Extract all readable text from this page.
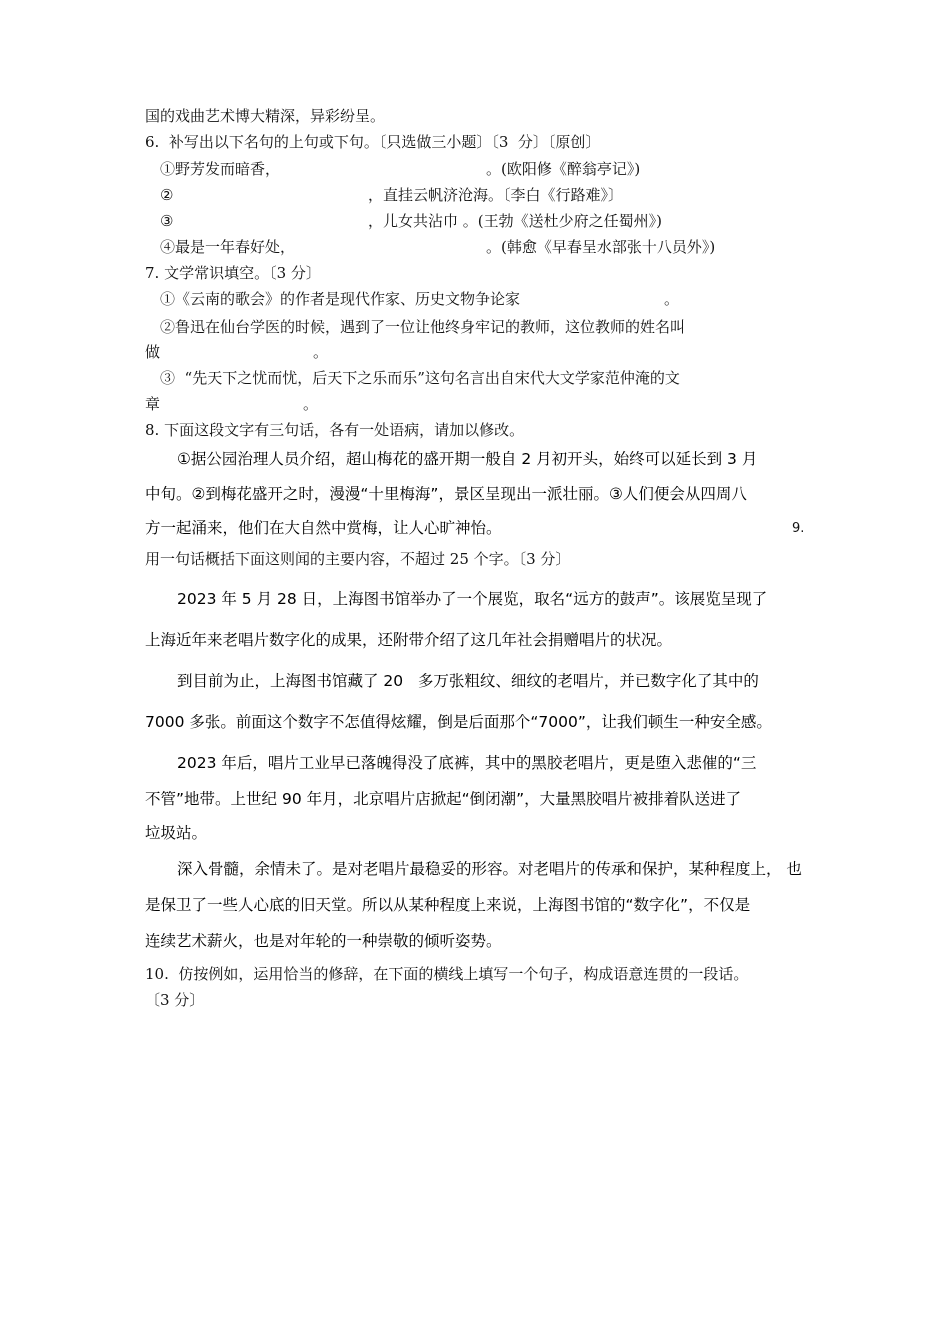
国的戏曲艺术博大精深，异彩纷呈。
6.  补写出以下名句的上句或下句。〔只选做三小题〕〔3  分〕〔原创〕
①野芳发而暗香，	。(欧阳修《醉翁亭记》)
②	，直挂云帆济沧海。〔李白《行路难》〕
③	，儿女共沾巾 。(王勃《送杜少府之任蜀州》)
④最是一年春好处，	。(韩愈《早春呈水部张十八员外》)
7. 文学常识填空。〔3 分〕
①《云南的歌会》的作者是现代作家、历史文物争论家	。
②鲁迅在仙台学医的时候，遇到了一位让他终身牢记的教师，这位教师的姓名叫
做	。
③  “先天下之忧而忧，后天下之乐而乐”这句名言出自宋代大文学家范仲淹的文
章	。
8. 下面这段文字有三句话，各有一处语病，请加以修改。
①据公园治理人员介绍，超山梅花的盛开期一般自 2 月初开头，始终可以延长到 3 月
中旬。②到梅花盛开之时，漫漫“十里梅海”，景区呈现出一派壮丽。③人们便会从四周八
方一起涌来，他们在大自然中赏梅，让人心旷神怡。	9.
用一句话概括下面这则闻的主要内容，不超过 25 个字。〔3 分〕
2023 年 5 月 28 日，上海图书馆举办了一个展览，取名“远方的鼓声”。该展览呈现了
上海近年来老唱片数字化的成果，还附带介绍了这几年社会捐赠唱片的状况。
到目前为止，上海图书馆藏了 20   多万张粗纹、细纹的老唱片，并已数字化了其中的
7000 多张。前面这个数字不怎值得炫耀，倒是后面那个“7000”，让我们顿生一种安全感。
2023 年后，唱片工业早已落魄得没了底裤，其中的黑胶老唱片，更是堕入悲催的“三
不管”地带。上世纪 90 年月，北京唱片店掀起“倒闭潮”，大量黑胶唱片被排着队送进了
垃圾站。
深入骨髓，余情未了。是对老唱片最稳妥的形容。对老唱片的传承和保护，某种程度上， 也
是保卫了一些人心底的旧天堂。所以从某种程度上来说，上海图书馆的“数字化”，不仅是
连续艺术薪火，也是对年轮的一种崇敬的倾听姿势。
10.  仿按例如，运用恰当的修辞，在下面的横线上填写一个句子，构成语意连贯的一段话。
〔3 分〕
